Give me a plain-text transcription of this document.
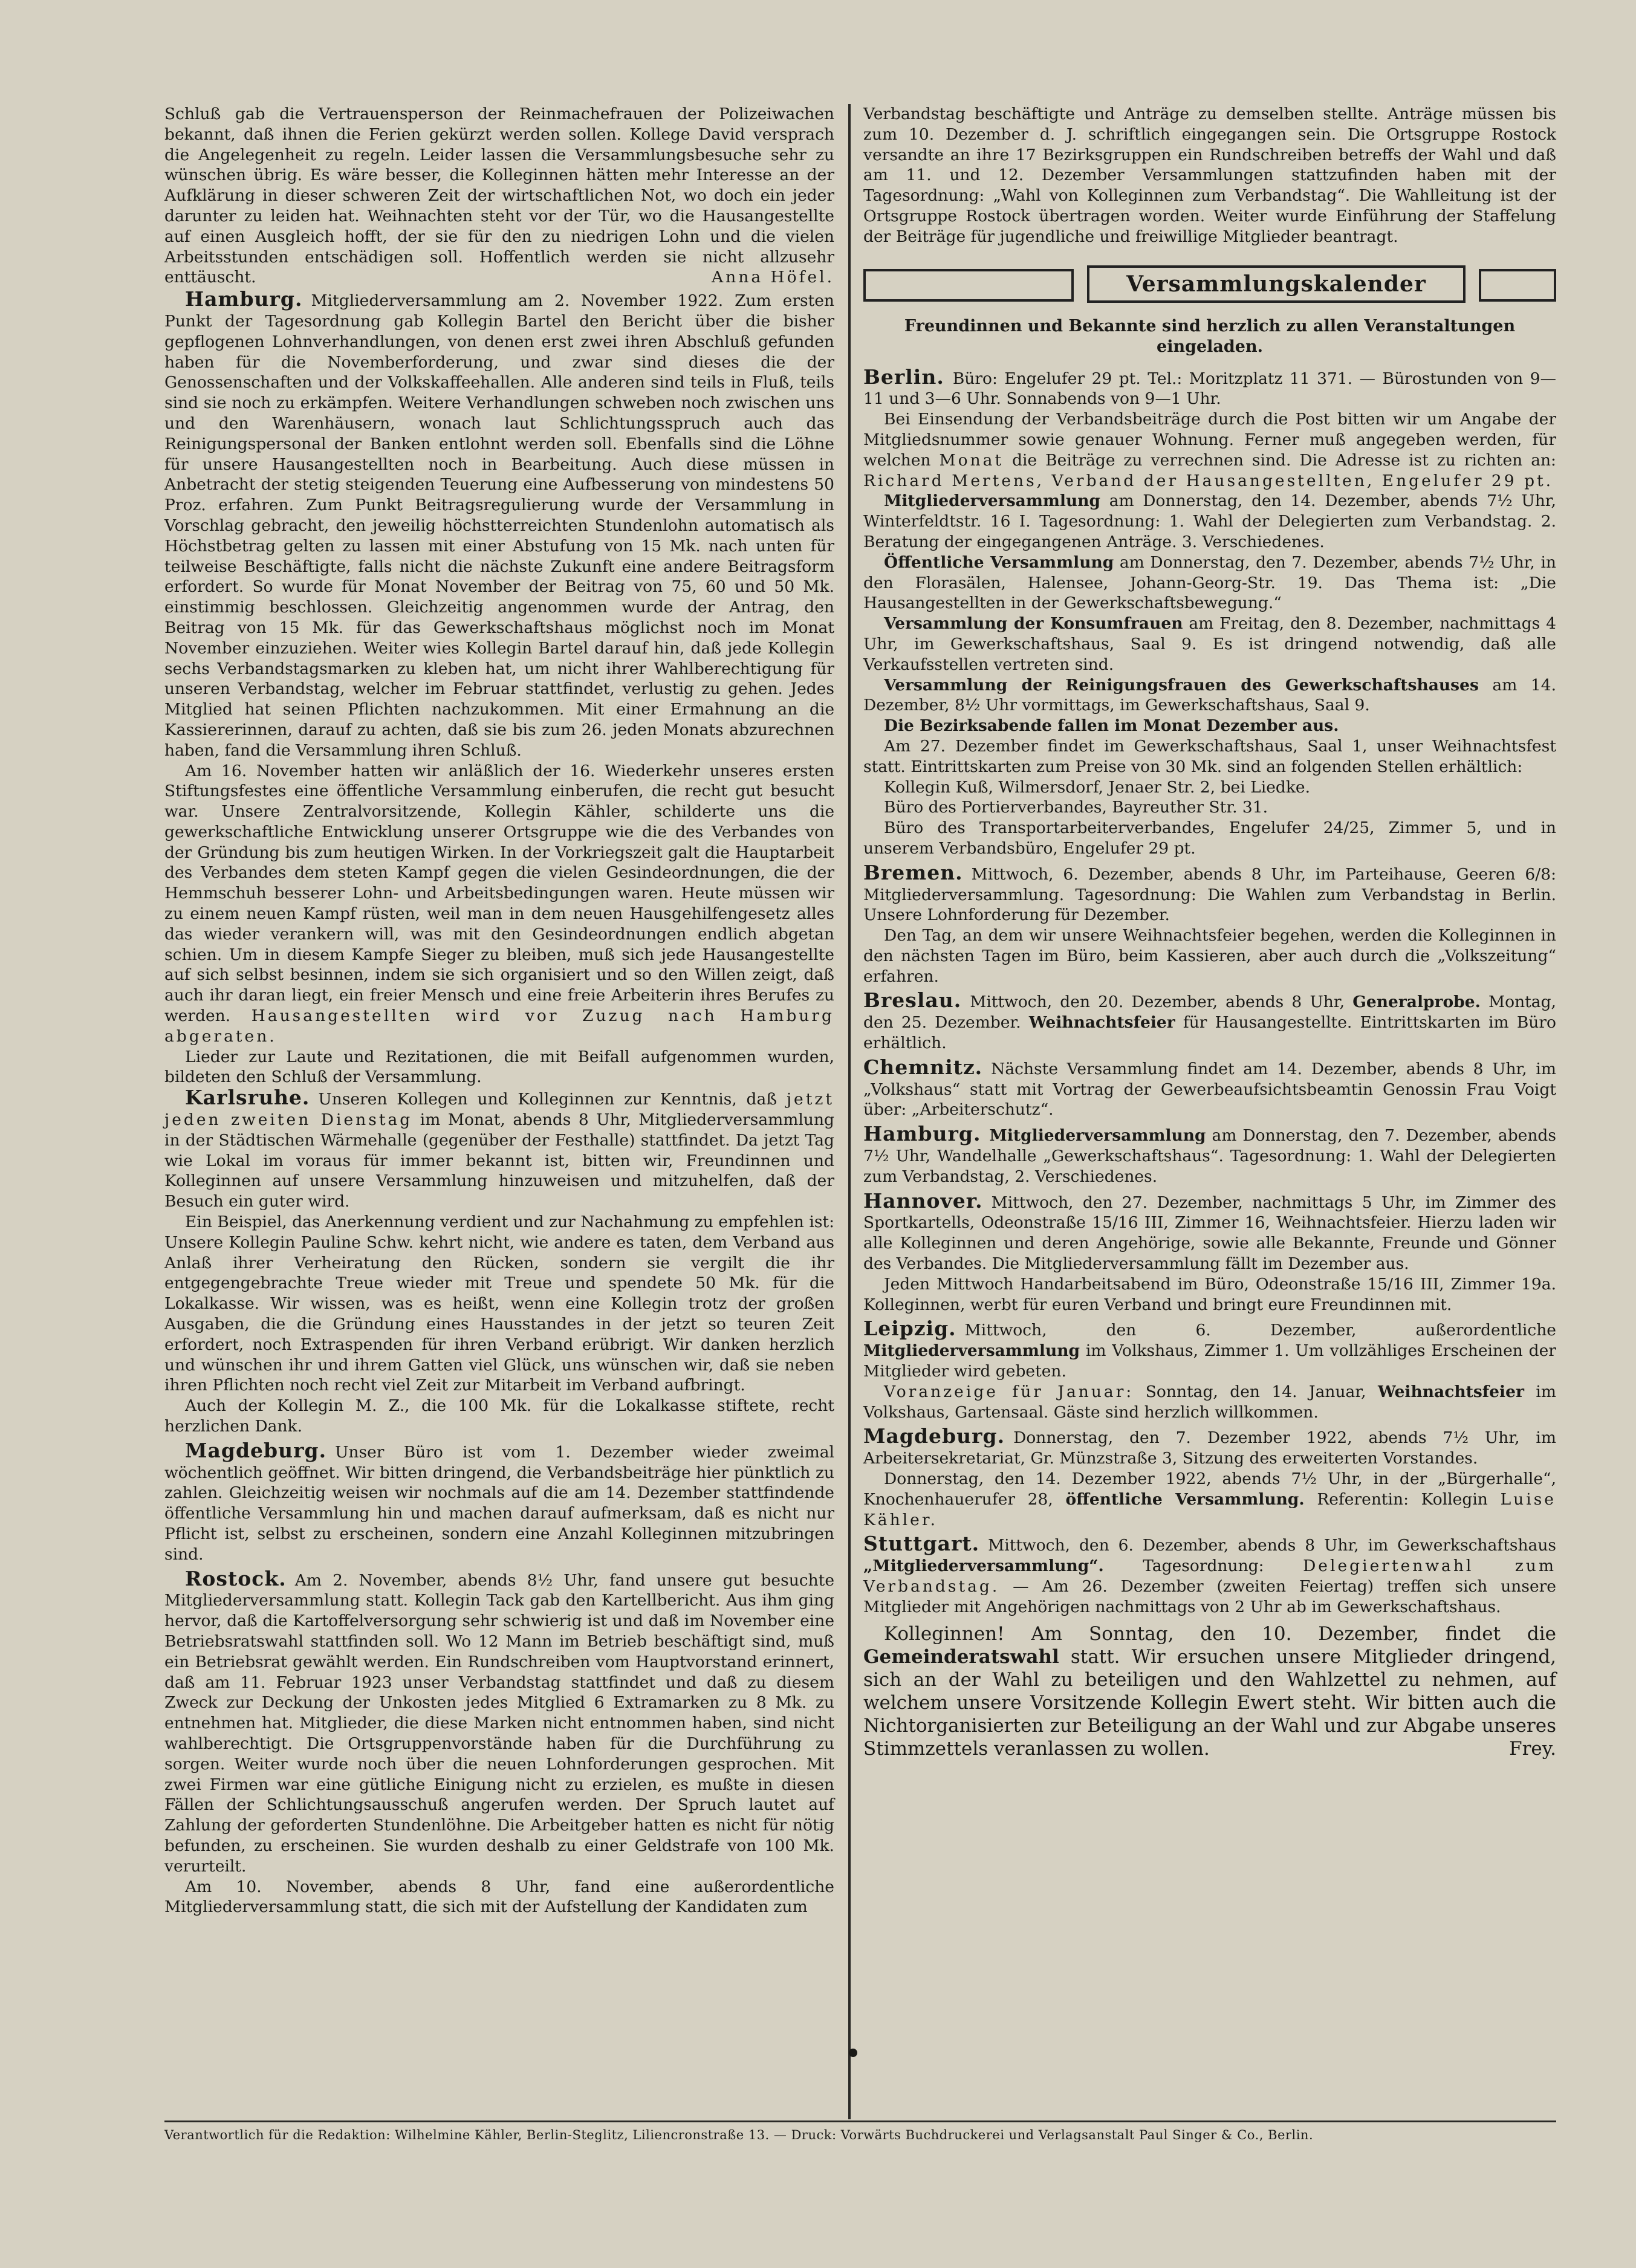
Schluß gab die Vertrauensperson der Reinmachefrauen der Polizeiwachen bekannt, daß ihnen die Ferien gekürzt werden sollen. Kollege David versprach die Angelegenheit zu regeln. Leider lassen die Versammlungsbesuche sehr zu wünschen übrig. Es wäre besser, die Kolleginnen hätten mehr Interesse an der Aufklärung in dieser schweren Zeit der wirtschaftlichen Not, wo doch ein jeder darunter zu leiden hat. Weihnachten steht vor der Tür, wo die Hausangestellte auf einen Ausgleich hofft, der sie für den zu niedrigen Lohn und die vielen Arbeitsstunden entschädigen soll. Hoffentlich werden sie nicht allzusehr enttäuscht.	Anna Höfel.

Hamburg. Mitgliederversammlung am 2. November 1922. Zum ersten Punkt der Tagesordnung gab Kollegin Bartel den Bericht über die bisher gepflogenen Lohnverhandlungen, von denen erst zwei ihren Abschluß gefunden haben für die Novemberforderung, und zwar sind dieses die der Genossenschaften und der Volkskaffeehallen. Alle anderen sind teils in Fluß, teils sind sie noch zu erkämpfen. Weitere Verhandlungen schweben noch zwischen uns und den Warenhäusern, wonach laut Schlichtungsspruch auch das Reinigungspersonal der Banken entlohnt werden soll. Ebenfalls sind die Löhne für unsere Hausangestellten noch in Bearbeitung. Auch diese müssen in Anbetracht der stetig steigenden Teuerung eine Aufbesserung von mindestens 50 Proz. erfahren. Zum Punkt Beitragsregulierung wurde der Versammlung in Vorschlag gebracht, den jeweilig höchstterreichten Stundenlohn automatisch als Höchstbetrag gelten zu lassen mit einer Abstufung von 15 Mk. nach unten für teilweise Beschäftigte, falls nicht die nächste Zukunft eine andere Beitragsform erfordert. So wurde für Monat November der Beitrag von 75, 60 und 50 Mk. einstimmig beschlossen. Gleichzeitig angenommen wurde der Antrag, den Beitrag von 15 Mk. für das Gewerkschaftshaus möglichst noch im Monat November einzuziehen. Weiter wies Kollegin Bartel darauf hin, daß jede Kollegin sechs Verbandstagsmarken zu kleben hat, um nicht ihrer Wahlberechtigung für unseren Verbandstag, welcher im Februar stattfindet, verlustig zu gehen. Jedes Mitglied hat seinen Pflichten nachzukommen. Mit einer Ermahnung an die Kassiererinnen, darauf zu achten, daß sie bis zum 26. jeden Monats abzurechnen haben, fand die Versammlung ihren Schluß.

Am 16. November hatten wir anläßlich der 16. Wiederkehr unseres ersten Stiftungsfestes eine öffentliche Versammlung einberufen, die recht gut besucht war. Unsere Zentralvorsitzende, Kollegin Kähler, schilderte uns die gewerkschaftliche Entwicklung unserer Ortsgruppe wie die des Verbandes von der Gründung bis zum heutigen Wirken. In der Vorkriegszeit galt die Hauptarbeit des Verbandes dem steten Kampf gegen die vielen Gesindeordnungen, die der Hemmschuh besserer Lohn- und Arbeitsbedingungen waren. Heute müssen wir zu einem neuen Kampf rüsten, weil man in dem neuen Hausgehilfengesetz alles das wieder verankern will, was mit den Gesindeordnungen endlich abgetan schien. Um in diesem Kampfe Sieger zu bleiben, muß sich jede Hausangestellte auf sich selbst besinnen, indem sie sich organisiert und so den Willen zeigt, daß auch ihr daran liegt, ein freier Mensch und eine freie Arbeiterin ihres Berufes zu werden. Hausangestellten wird vor Zuzug nach Hamburg abgeraten.

Lieder zur Laute und Rezitationen, die mit Beifall aufgenommen wurden, bildeten den Schluß der Versammlung.

Karlsruhe. Unseren Kollegen und Kolleginnen zur Kenntnis, daß jetzt jeden zweiten Dienstag im Monat, abends 8 Uhr, Mitgliederversammlung in der Städtischen Wärmehalle (gegenüber der Festhalle) stattfindet. Da jetzt Tag wie Lokal im voraus für immer bekannt ist, bitten wir, Freundinnen und Kolleginnen auf unsere Versammlung hinzuweisen und mitzuhelfen, daß der Besuch ein guter wird.

Ein Beispiel, das Anerkennung verdient und zur Nachahmung zu empfehlen ist: Unsere Kollegin Pauline Schw. kehrt nicht, wie andere es taten, dem Verband aus Anlaß ihrer Verheiratung den Rücken, sondern sie vergilt die ihr entgegengebrachte Treue wieder mit Treue und spendete 50 Mk. für die Lokalkasse. Wir wissen, was es heißt, wenn eine Kollegin trotz der großen Ausgaben, die die Gründung eines Hausstandes in der jetzt so teuren Zeit erfordert, noch Extraspenden für ihren Verband erübrigt. Wir danken herzlich und wünschen ihr und ihrem Gatten viel Glück, uns wünschen wir, daß sie neben ihren Pflichten noch recht viel Zeit zur Mitarbeit im Verband aufbringt.

Auch der Kollegin M. Z., die 100 Mk. für die Lokalkasse stiftete, recht herzlichen Dank.

Magdeburg. Unser Büro ist vom 1. Dezember wieder zweimal wöchentlich geöffnet. Wir bitten dringend, die Verbandsbeiträge hier pünktlich zu zahlen. Gleichzeitig weisen wir nochmals auf die am 14. Dezember stattfindende öffentliche Versammlung hin und machen darauf aufmerksam, daß es nicht nur Pflicht ist, selbst zu erscheinen, sondern eine Anzahl Kolleginnen mitzubringen sind.

Rostock. Am 2. November, abends 8½ Uhr, fand unsere gut besuchte Mitgliederversammlung statt. Kollegin Tack gab den Kartellbericht. Aus ihm ging hervor, daß die Kartoffelversorgung sehr schwierig ist und daß im November eine Betriebsratswahl stattfinden soll. Wo 12 Mann im Betrieb beschäftigt sind, muß ein Betriebsrat gewählt werden. Ein Rundschreiben vom Hauptvorstand erinnert, daß am 11. Februar 1923 unser Verbandstag stattfindet und daß zu diesem Zweck zur Deckung der Unkosten jedes Mitglied 6 Extramarken zu 8 Mk. zu entnehmen hat. Mitglieder, die diese Marken nicht entnommen haben, sind nicht wahlberechtigt. Die Ortsgruppenvorstände haben für die Durchführung zu sorgen. Weiter wurde noch über die neuen Lohnforderungen gesprochen. Mit zwei Firmen war eine gütliche Einigung nicht zu erzielen, es mußte in diesen Fällen der Schlichtungsausschuß angerufen werden. Der Spruch lautet auf Zahlung der geforderten Stundenlöhne. Die Arbeitgeber hatten es nicht für nötig befunden, zu erscheinen. Sie wurden deshalb zu einer Geldstrafe von 100 Mk. verurteilt.

Am 10. November, abends 8 Uhr, fand eine außerordentliche Mitgliederversammlung statt, die sich mit der Aufstellung der Kandidaten zum

Verbandstag beschäftigte und Anträge zu demselben stellte. Anträge müssen bis zum 10. Dezember d. J. schriftlich eingegangen sein. Die Ortsgruppe Rostock versandte an ihre 17 Bezirksgruppen ein Rundschreiben betreffs der Wahl und daß am 11. und 12. Dezember Versammlungen stattzufinden haben mit der Tagesordnung: „Wahl von Kolleginnen zum Verbandstag“. Die Wahlleitung ist der Ortsgruppe Rostock übertragen worden. Weiter wurde Einführung der Staffelung der Beiträge für jugendliche und freiwillige Mitglieder beantragt.

Versammlungskalender
Freundinnen und Bekannte sind herzlich zu allen Veranstaltungen eingeladen.

Berlin. Büro: Engelufer 29 pt. Tel.: Moritzplatz 11 371. — Bürostunden von 9—11 und 3—6 Uhr. Sonnabends von 9—1 Uhr.

Bei Einsendung der Verbandsbeiträge durch die Post bitten wir um Angabe der Mitgliedsnummer sowie genauer Wohnung. Ferner muß angegeben werden, für welchen Monat die Beiträge zu verrechnen sind. Die Adresse ist zu richten an: Richard Mertens, Verband der Hausangestellten, Engelufer 29 pt.

Mitgliederversammlung am Donnerstag, den 14. Dezember, abends 7½ Uhr, Winterfeldtstr. 16 I. Tagesordnung: 1. Wahl der Delegierten zum Verbandstag. 2. Beratung der eingegangenen Anträge. 3. Verschiedenes.

Öffentliche Versammlung am Donnerstag, den 7. Dezember, abends 7½ Uhr, in den Florasälen, Halensee, Johann-Georg-Str. 19. Das Thema ist: „Die Hausangestellten in der Gewerkschaftsbewegung.“

Versammlung der Konsumfrauen am Freitag, den 8. Dezember, nachmittags 4 Uhr, im Gewerkschaftshaus, Saal 9. Es ist dringend notwendig, daß alle Verkaufsstellen vertreten sind.

Versammlung der Reinigungsfrauen des Gewerkschaftshauses am 14. Dezember, 8½ Uhr vormittags, im Gewerkschaftshaus, Saal 9.

Die Bezirksabende fallen im Monat Dezember aus.

Am 27. Dezember findet im Gewerkschaftshaus, Saal 1, unser Weihnachtsfest statt. Eintrittskarten zum Preise von 30 Mk. sind an folgenden Stellen erhältlich:

Kollegin Kuß, Wilmersdorf, Jenaer Str. 2, bei Liedke.

Büro des Portierverbandes, Bayreuther Str. 31.

Büro des Transportarbeiterverbandes, Engelufer 24/25, Zimmer 5, und in unserem Verbandsbüro, Engelufer 29 pt.

Bremen. Mittwoch, 6. Dezember, abends 8 Uhr, im Parteihause, Geeren 6/8: Mitgliederversammlung. Tagesordnung: Die Wahlen zum Verbandstag in Berlin. Unsere Lohnforderung für Dezember.

Den Tag, an dem wir unsere Weihnachtsfeier begehen, werden die Kolleginnen in den nächsten Tagen im Büro, beim Kassieren, aber auch durch die „Volkszeitung“ erfahren.

Breslau. Mittwoch, den 20. Dezember, abends 8 Uhr, Generalprobe. Montag, den 25. Dezember. Weihnachtsfeier für Hausangestellte. Eintrittskarten im Büro erhältlich.

Chemnitz. Nächste Versammlung findet am 14. Dezember, abends 8 Uhr, im „Volkshaus“ statt mit Vortrag der Gewerbeaufsichtsbeamtin Genossin Frau Voigt über: „Arbeiterschutz“.

Hamburg. Mitgliederversammlung am Donnerstag, den 7. Dezember, abends 7½ Uhr, Wandelhalle „Gewerkschaftshaus“. Tagesordnung: 1. Wahl der Delegierten zum Verbandstag, 2. Verschiedenes.

Hannover. Mittwoch, den 27. Dezember, nachmittags 5 Uhr, im Zimmer des Sportkartells, Odeonstraße 15/16 III, Zimmer 16, Weihnachtsfeier. Hierzu laden wir alle Kolleginnen und deren Angehörige, sowie alle Bekannte, Freunde und Gönner des Verbandes. Die Mitgliederversammlung fällt im Dezember aus.

Jeden Mittwoch Handarbeitsabend im Büro, Odeonstraße 15/16 III, Zimmer 19a. Kolleginnen, werbt für euren Verband und bringt eure Freundinnen mit.

Leipzig. Mittwoch, den 6. Dezember, außerordentliche Mitgliederversammlung im Volkshaus, Zimmer 1. Um vollzähliges Erscheinen der Mitglieder wird gebeten.

Voranzeige für Januar: Sonntag, den 14. Januar, Weihnachtsfeier im Volkshaus, Gartensaal. Gäste sind herzlich willkommen.

Magdeburg. Donnerstag, den 7. Dezember 1922, abends 7½ Uhr, im Arbeitersekretariat, Gr. Münzstraße 3, Sitzung des erweiterten Vorstandes.

Donnerstag, den 14. Dezember 1922, abends 7½ Uhr, in der „Bürgerhalle“, Knochenhauerufer 28, öffentliche Versammlung. Referentin: Kollegin Luise Kähler.

Stuttgart. Mittwoch, den 6. Dezember, abends 8 Uhr, im Gewerkschaftshaus „Mitgliederversammlung“. Tagesordnung: Delegiertenwahl zum Verbandstag. — Am 26. Dezember (zweiten Feiertag) treffen sich unsere Mitglieder mit Angehörigen nachmittags von 2 Uhr ab im Gewerkschaftshaus.

Kolleginnen! Am Sonntag, den 10. Dezember, findet die Gemeinderatswahl statt. Wir ersuchen unsere Mitglieder dringend, sich an der Wahl zu beteiligen und den Wahlzettel zu nehmen, auf welchem unsere Vorsitzende Kollegin Ewert steht. Wir bitten auch die Nichtorganisierten zur Beteiligung an der Wahl und zur Abgabe unseres Stimmzettels veranlassen zu wollen.	Frey.

Verantwortlich für die Redaktion: Wilhelmine Kähler, Berlin-Steglitz, Liliencronstraße 13. — Druck: Vorwärts Buchdruckerei und Verlagsanstalt Paul Singer & Co., Berlin.
